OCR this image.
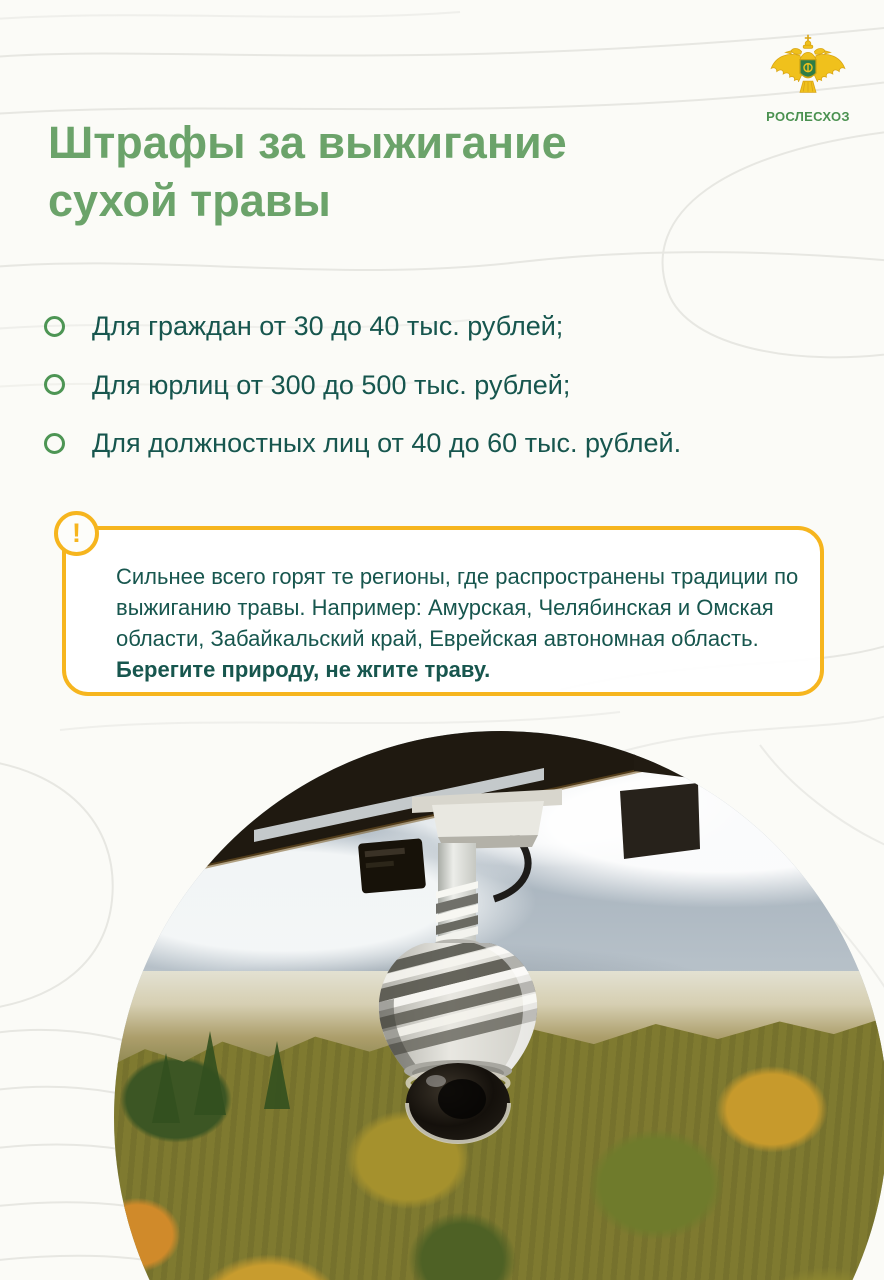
РОСЛЕСХОЗ
Штрафы за выжигание сухой травы
Для граждан от 30 до 40 тыс. рублей;
Для юрлиц от 300 до 500 тыс. рублей;
Для должностных лиц от 40 до 60 тыс. рублей.
!

Сильнее всего горят те регионы, где распространены традиции по выжиганию травы. Например: Амурская, Челябинская и Омская области, Забайкальский край, Еврейская автономная область. Берегите природу, не жгите траву.
